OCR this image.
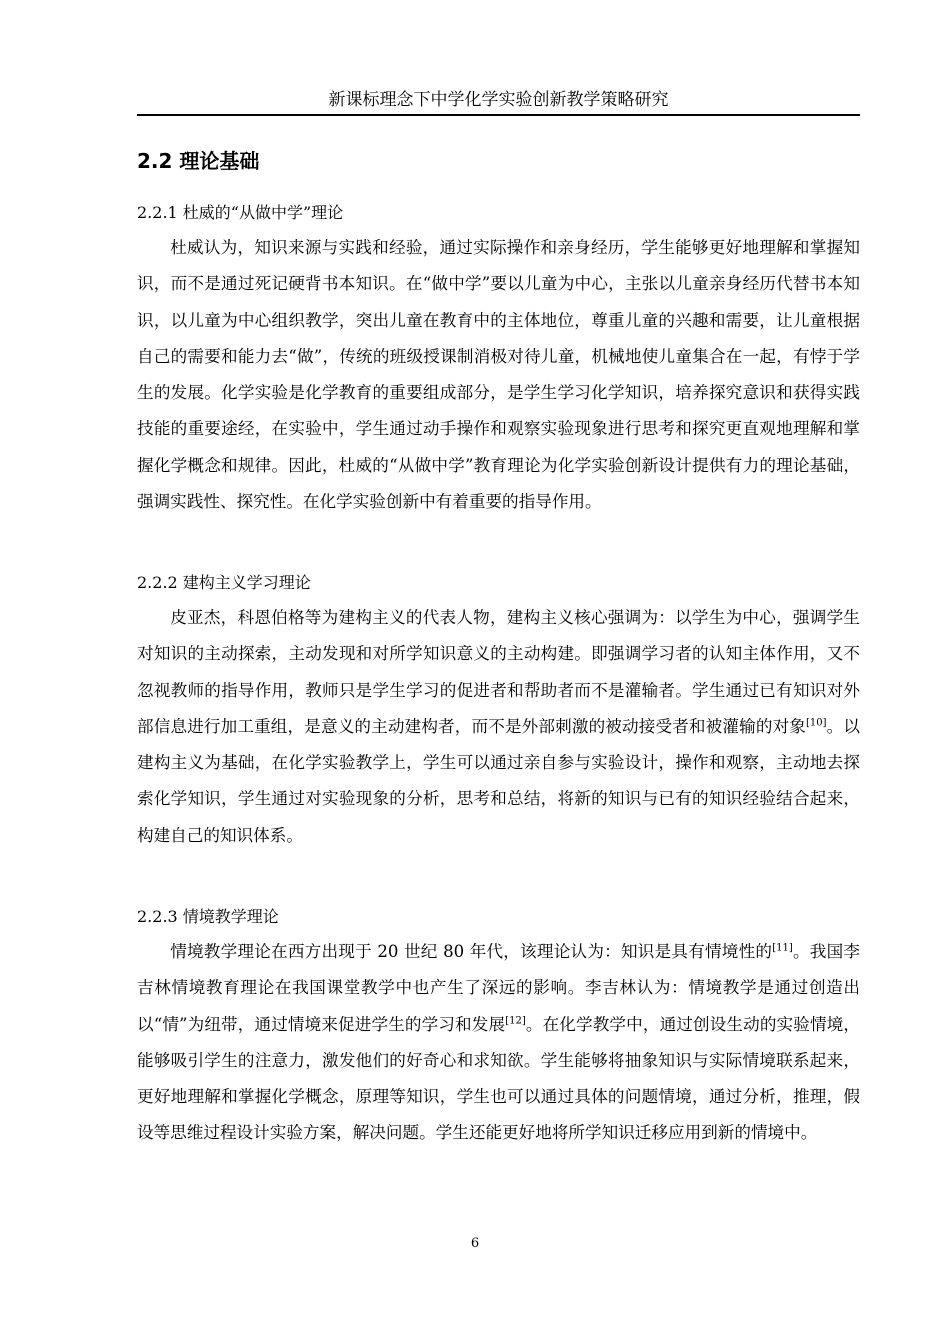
新课标理念下中学化学实验创新教学策略研究
2.2 理论基础
2.2.1 杜威的“从做中学”理论

杜威认为，知识来源与实践和经验，通过实际操作和亲身经历，学生能够更好地理解和掌握知识，而不是通过死记硬背书本知识。在“做中学”要以儿童为中心，主张以儿童亲身经历代替书本知识，以儿童为中心组织教学，突出儿童在教育中的主体地位，尊重儿童的兴趣和需要，让儿童根据自己的需要和能力去“做”，传统的班级授课制消极对待儿童，机械地使儿童集合在一起，有悖于学生的发展。化学实验是化学教育的重要组成部分，是学生学习化学知识，培养探究意识和获得实践技能的重要途经，在实验中，学生通过动手操作和观察实验现象进行思考和探究更直观地理解和掌握化学概念和规律。因此，杜威的“从做中学”教育理论为化学实验创新设计提供有力的理论基础，强调实践性、探究性。在化学实验创新中有着重要的指导作用。

2.2.2 建构主义学习理论

皮亚杰，科恩伯格等为建构主义的代表人物，建构主义核心强调为：以学生为中心，强调学生对知识的主动探索，主动发现和对所学知识意义的主动构建。即强调学习者的认知主体作用，又不忽视教师的指导作用，教师只是学生学习的促进者和帮助者而不是灌输者。学生通过已有知识对外部信息进行加工重组，是意义的主动建构者，而不是外部刺激的被动接受者和被灌输的对象[10]。以建构主义为基础，在化学实验教学上，学生可以通过亲自参与实验设计，操作和观察，主动地去探索化学知识，学生通过对实验现象的分析，思考和总结，将新的知识与已有的知识经验结合起来，构建自己的知识体系。

2.2.3 情境教学理论

情境教学理论在西方出现于 20 世纪 80 年代，该理论认为：知识是具有情境性的[11]。我国李吉林情境教育理论在我国课堂教学中也产生了深远的影响。李吉林认为：情境教学是通过创造出以“情”为纽带，通过情境来促进学生的学习和发展[12]。在化学教学中，通过创设生动的实验情境，能够吸引学生的注意力，激发他们的好奇心和求知欲。学生能够将抽象知识与实际情境联系起来，更好地理解和掌握化学概念，原理等知识，学生也可以通过具体的问题情境，通过分析，推理，假设等思维过程设计实验方案，解决问题。学生还能更好地将所学知识迁移应用到新的情境中。

6
